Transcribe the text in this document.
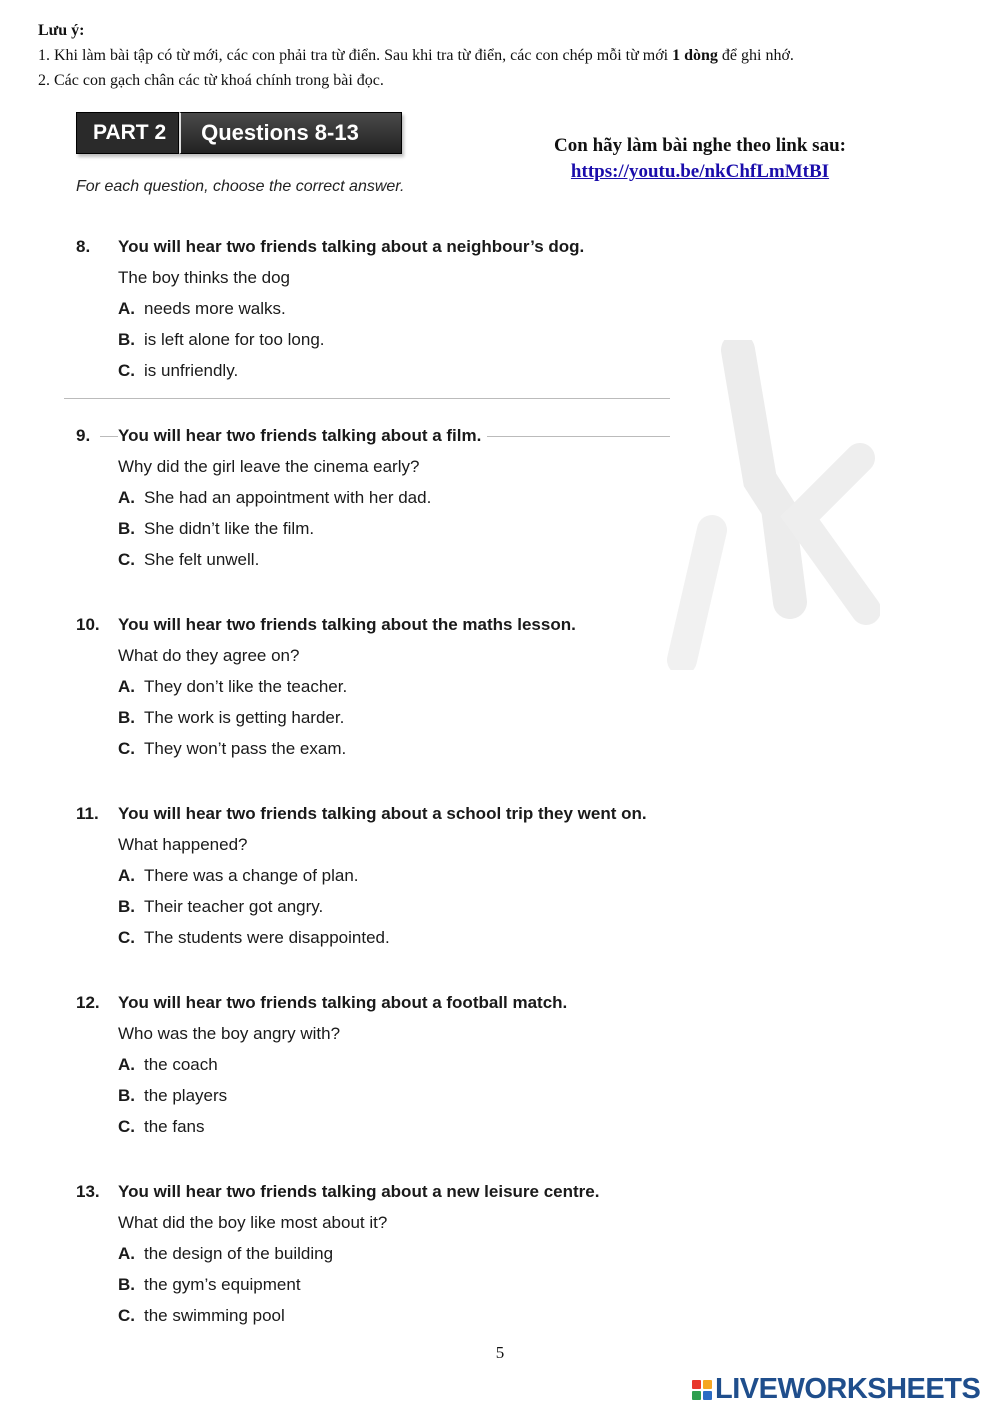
Lưu ý:
1. Khi làm bài tập có từ mới, các con phải tra từ điển. Sau khi tra từ điển, các con chép mỗi từ mới 1 dòng để ghi nhớ.
2. Các con gạch chân các từ khoá chính trong bài đọc.
PART 2	Questions 8-13
For each question, choose the correct answer.
Con hãy làm bài nghe theo link sau:
https://youtu.be/nkChfLmMtBI
8.	You will hear two friends talking about a neighbour’s dog.
The boy thinks the dog
A. needs more walks.
B. is left alone for too long.
C. is unfriendly.
9.	You will hear two friends talking about a film.
Why did the girl leave the cinema early?
A. She had an appointment with her dad.
B. She didn’t like the film.
C. She felt unwell.
10.	You will hear two friends talking about the maths lesson.
What do they agree on?
A. They don’t like the teacher.
B. The work is getting harder.
C. They won’t pass the exam.
11.	You will hear two friends talking about a school trip they went on.
What happened?
A. There was a change of plan.
B. Their teacher got angry.
C. The students were disappointed.
12.	You will hear two friends talking about a football match.
Who was the boy angry with?
A. the coach
B. the players
C. the fans
13.	You will hear two friends talking about a new leisure centre.
What did the boy like most about it?
A. the design of the building
B. the gym’s equipment
C. the swimming pool
5
LIVEWORKSHEETS
